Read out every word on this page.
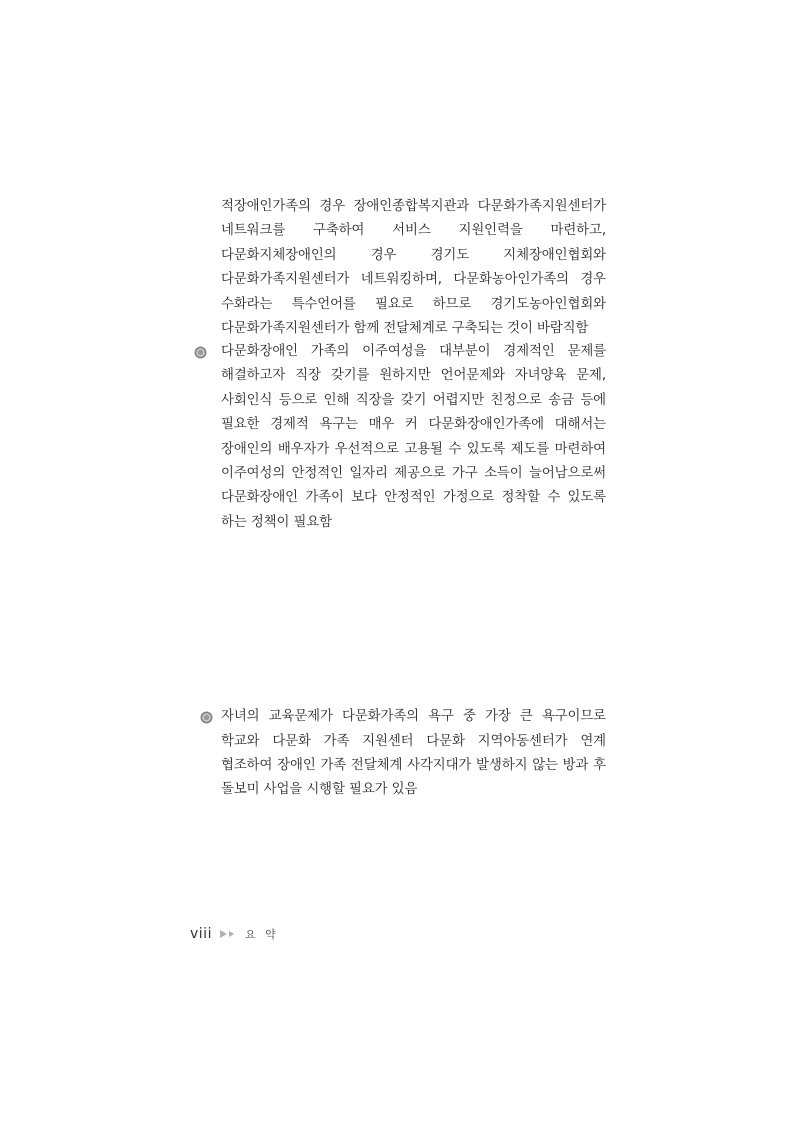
적장애인가족의 경우 장애인종합복지관과 다문화가족지원센터가 네트워크를 구축하여 서비스 지원인력을 마련하고, 다문화지체장애인의 경우 경기도 지체장애인협회와 다문화가족지원센터가 네트워킹하며, 다문화농아인가족의 경우 수화라는 특수언어를 필요로 하므로 경기도농아인협회와 다문화가족지원센터가 함께 전달체계로 구축되는 것이 바람직함
다문화장애인 가족의 이주여성을 대부분이 경제적인 문제를 해결하고자 직장 갖기를 원하지만 언어문제와 자녀양육 문제, 사회인식 등으로 인해 직장을 갖기 어렵지만 친정으로 송금 등에 필요한 경제적 욕구는 매우 커 다문화장애인가족에 대해서는 장애인의 배우자가 우선적으로 고용될 수 있도록 제도를 마련하여 이주여성의 안정적인 일자리 제공으로 가구 소득이 늘어남으로써 다문화장애인 가족이 보다 안정적인 가정으로 정착할 수 있도록 하는 정책이 필요함
자녀의 교육문제가 다문화가족의 욕구 중 가장 큰 욕구이므로 학교와 다문화 가족 지원센터 다문화 지역아동센터가 연계 협조하여 장애인 가족 전달체계 사각지대가 발생하지 않는 방과 후 돌보미 사업을 시행할 필요가 있음
viii	요 약
